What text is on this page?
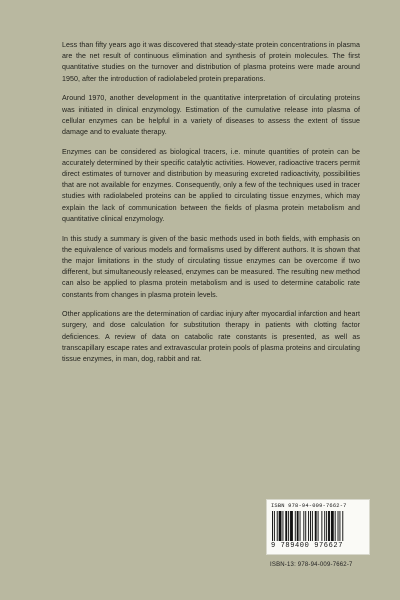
Less than fifty years ago it was discovered that steady-state protein concentrations in plasma are the net result of continuous elimination and synthesis of protein molecules. The first quantitative studies on the turnover and distribution of plasma proteins were made around 1950, after the introduction of radiolabeled protein preparations.

Around 1970, another development in the quantitative interpretation of circulating proteins was initiated in clinical enzymology. Estimation of the cumulative release into plasma of cellular enzymes can be helpful in a variety of diseases to assess the extent of tissue damage and to evaluate therapy.

Enzymes can be considered as biological tracers, i.e. minute quantities of protein can be accurately determined by their specific catalytic activities. However, radioactive tracers permit direct estimates of turnover and distribution by measuring excreted radioactivity, possibilities that are not available for enzymes. Consequently, only a few of the techniques used in tracer studies with radiolabeled proteins can be applied to circulating tissue enzymes, which may explain the lack of communication between the fields of plasma protein metabolism and quantitative clinical enzymology.

In this study a summary is given of the basic methods used in both fields, with emphasis on the equivalence of various models and formalisms used by different authors. It is shown that the major limitations in the study of circulating tissue enzymes can be overcome if two different, but simultaneously released, enzymes can be measured. The resulting new method can also be applied to plasma protein metabolism and is used to determine catabolic rate constants from changes in plasma protein levels.

Other applications are the determination of cardiac injury after myocardial infarction and heart surgery, and dose calculation for substitution therapy in patients with clotting factor deficiences. A review of data on catabolic rate constants is presented, as well as transcapillary escape rates and extravascular protein pools of plasma proteins and circulating tissue enzymes, in man, dog, rabbit and rat.

ISBN 978-94-009-7662-7
9 789400 976627
ISBN-13: 978-94-009-7662-7
